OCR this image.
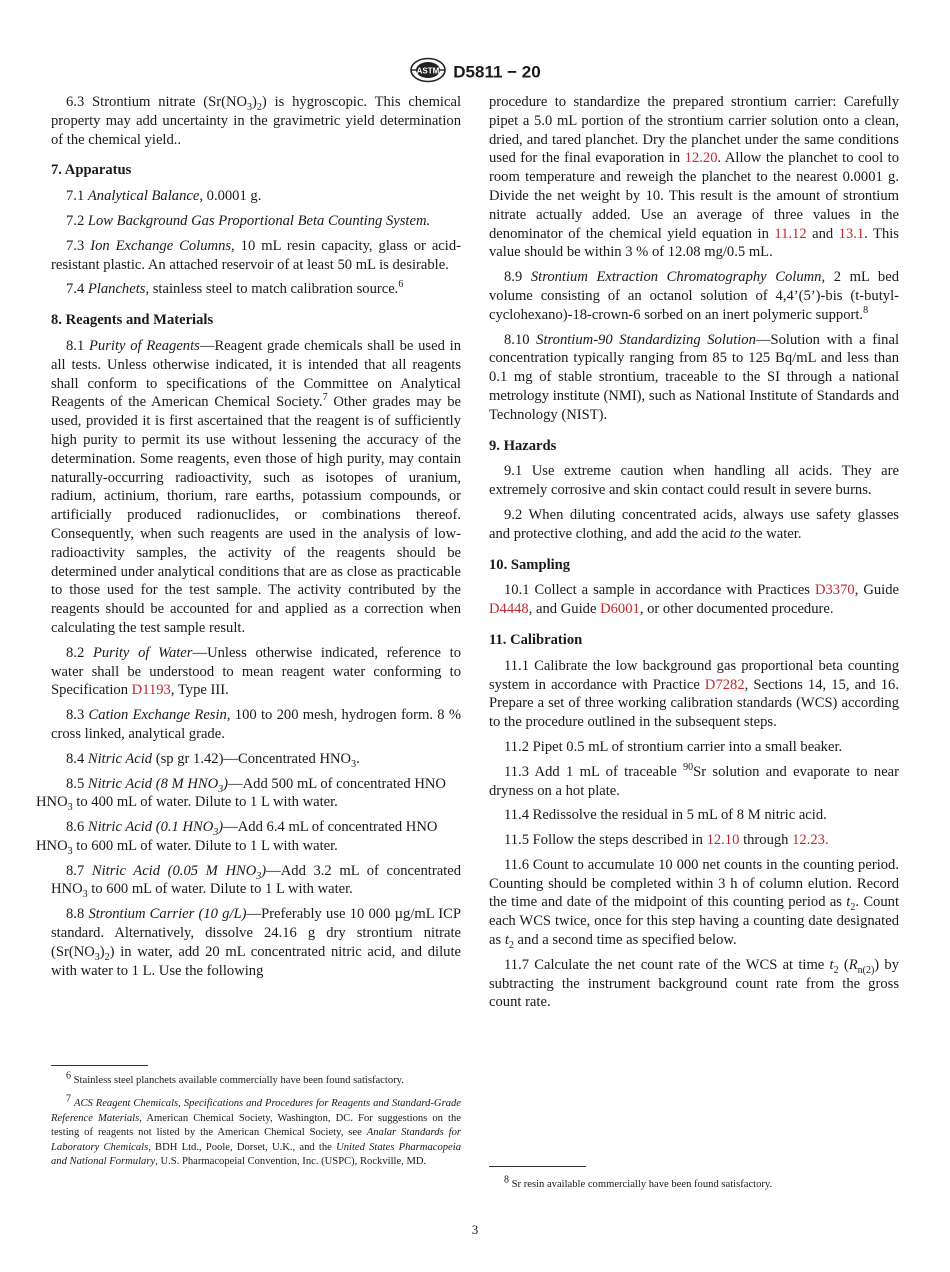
ASTM D5811 − 20

6.3 Strontium nitrate $(Sr(NO_3)_2)$ is hygroscopic. This chemical property may add uncertainty in the gravimetric yield determination of the chemical yield..

7. Apparatus

7.1 Analytical Balance, 0.0001 g.

7.2 Low Background Gas Proportional Beta Counting System.

7.3 Ion Exchange Columns, 10 mL resin capacity, glass or acid-resistant plastic. An attached reservoir of at least 50 mL is desirable.

7.4 Planchets, stainless steel to match calibration source.$^6$

8. Reagents and Materials

8.1 Purity of Reagents—Reagent grade chemicals shall be used in all tests. Unless otherwise indicated, it is intended that all reagents shall conform to specifications of the Committee on Analytical Reagents of the American Chemical Society.$^7$ Other grades may be used, provided it is first ascertained that the reagent is of sufficiently high purity to permit its use without lessening the accuracy of the determination. Some reagents, even those of high purity, may contain naturally-occurring radioactivity, such as isotopes of uranium, radium, actinium, thorium, rare earths, potassium compounds, or artificially produced radionuclides, or combinations thereof. Consequently, when such reagents are used in the analysis of low-radioactivity samples, the activity of the reagents should be determined under analytical conditions that are as close as practicable to those used for the test sample. The activity contributed by the reagents should be accounted for and applied as a correction when calculating the test sample result.

8.2 Purity of Water—Unless otherwise indicated, reference to water shall be understood to mean reagent water conforming to Specification D1193, Type III.

8.3 Cation Exchange Resin, 100 to 200 mesh, hydrogen form. 8 % cross linked, analytical grade.

8.4 Nitric Acid (sp gr 1.42)—Concentrated $HNO_3$.

8.5 Nitric Acid (8 M $HNO_3)—Add$ 500 mL of concentrated HNO
$HNO_3$ to 400 mL of water. Dilute to 1 L with water.

8.6 Nitric Acid (0.1 $HNO_3)—Add$ 6.4 mL of concentrated HNO
$HNO_3$ to 600 mL of water. Dilute to 1 L with water.

8.7 Nitric Acid (0.05 M $HNO_3)—Add$ 3.2 mL of concentrated $HNO_3$ to 600 mL of water. Dilute to 1 L with water.

8.8 Strontium Carrier (10 g/L)—Preferably use 10 000 µg/mL ICP standard. Alternatively, dissolve 24.16 g dry strontium nitrate $(Sr(NO_3)_2)$ in water, add 20 mL concentrated nitric acid, and dilute with water to 1 L. Use the following

$^6$ Stainless steel planchets available commercially have been found satisfactory.

$^7$ ACS Reagent Chemicals, Specifications and Procedures for Reagents and Standard-Grade Reference Materials, American Chemical Society, Washington, DC. For suggestions on the testing of reagents not listed by the American Chemical Society, see Analar Standards for Laboratory Chemicals, BDH Ltd., Poole, Dorset, U.K., and the United States Pharmacopeia and National Formulary, U.S. Pharmacopeial Convention, Inc. (USPC), Rockville, MD.

procedure to standardize the prepared strontium carrier: Carefully pipet a 5.0 mL portion of the strontium carrier solution onto a clean, dried, and tared planchet. Dry the planchet under the same conditions used for the final evaporation in 12.20. Allow the planchet to cool to room temperature and reweigh the planchet to the nearest 0.0001 g. Divide the net weight by 10. This result is the amount of strontium nitrate actually added. Use an average of three values in the denominator of the chemical yield equation in 11.12 and 13.1. This value should be within 3 % of 12.08 mg/0.5 mL.

8.9 Strontium Extraction Chromatography Column, 2 mL bed volume consisting of an octanol solution of 4,4’(5’)-bis (t-butyl-cyclohexano)-18-crown-6 sorbed on an inert polymeric support.$^8$

8.10 Strontium-90 Standardizing Solution—Solution with a final concentration typically ranging from 85 to 125 Bq/mL and less than 0.1 mg of stable strontium, traceable to the SI through a national metrology institute (NMI), such as National Institute of Standards and Technology (NIST).

9. Hazards

9.1 Use extreme caution when handling all acids. They are extremely corrosive and skin contact could result in severe burns.

9.2 When diluting concentrated acids, always use safety glasses and protective clothing, and add the acid to the water.

10. Sampling

10.1 Collect a sample in accordance with Practices D3370, Guide D4448, and Guide D6001, or other documented procedure.

11. Calibration

11.1 Calibrate the low background gas proportional beta counting system in accordance with Practice D7282, Sections 14, 15, and 16. Prepare a set of three working calibration standards (WCS) according to the procedure outlined in the subsequent steps.

11.2 Pipet 0.5 mL of strontium carrier into a small beaker.

11.3 Add 1 mL of traceable $^{90}$Sr solution and evaporate to near dryness on a hot plate.

11.4 Redissolve the residual in 5 mL of 8 M nitric acid.

11.5 Follow the steps described in 12.10 through 12.23.

11.6 Count to accumulate 10 000 net counts in the counting period. Counting should be completed within 3 h of column elution. Record the time and date of the midpoint of this counting period as $t_2$. Count each WCS twice, once for this step having a counting date designated as $t_2$ and a second time as specified below.

11.7 Calculate the net count rate of the WCS at time $t_2$ $(R_{n(2)})$ by subtracting the instrument background count rate from the gross count rate.

$^8$ Sr resin available commercially have been found satisfactory.

3
